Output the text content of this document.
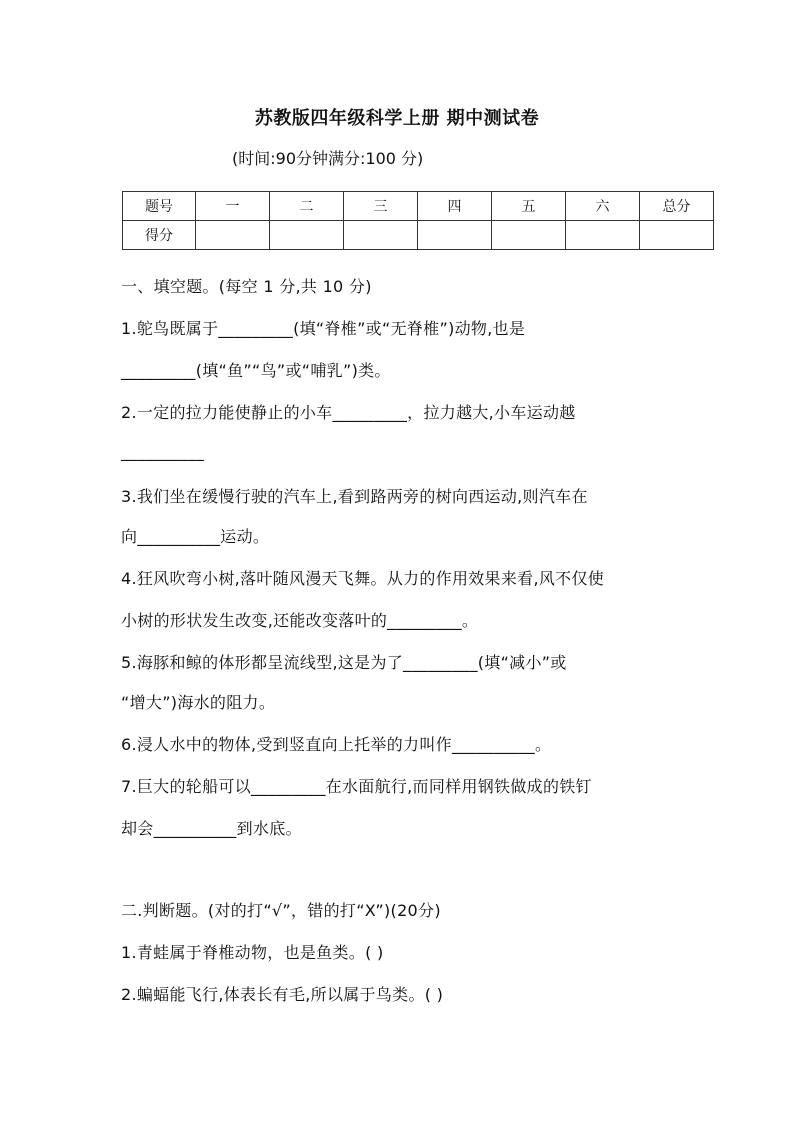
苏教版四年级科学上册 期中测试卷
(时间:90分钟满分:100 分)
题号	一	二	三	四	五	六	总分
得分							
一、填空题。(每空 1 分,共 10 分)
1.鸵鸟既属于_________(填“脊椎”或“无脊椎”)动物,也是
_________(填“鱼”“鸟”或“哺乳”)类。
2.一定的拉力能使静止的小车_________，拉力越大,小车运动越
__________
3.我们坐在缓慢行驶的汽车上,看到路两旁的树向西运动,则汽车在
向__________运动。
4.狂风吹弯小树,落叶随风漫天飞舞。从力的作用效果来看,风不仅使
小树的形状发生改变,还能改变落叶的_________。
5.海豚和鲸的体形都呈流线型,这是为了_________(填“减小”或
“增大”)海水的阻力。
6.浸人水中的物体,受到竖直向上托举的力叫作__________。
7.巨大的轮船可以_________在水面航行,而同样用钢铁做成的铁钉
却会__________到水底。
二.判断题。(对的打“√”，错的打“X”)(20分)
1.青蛙属于脊椎动物，也是鱼类。( )
2.蝙蝠能飞行,体表长有毛,所以属于鸟类。( )
